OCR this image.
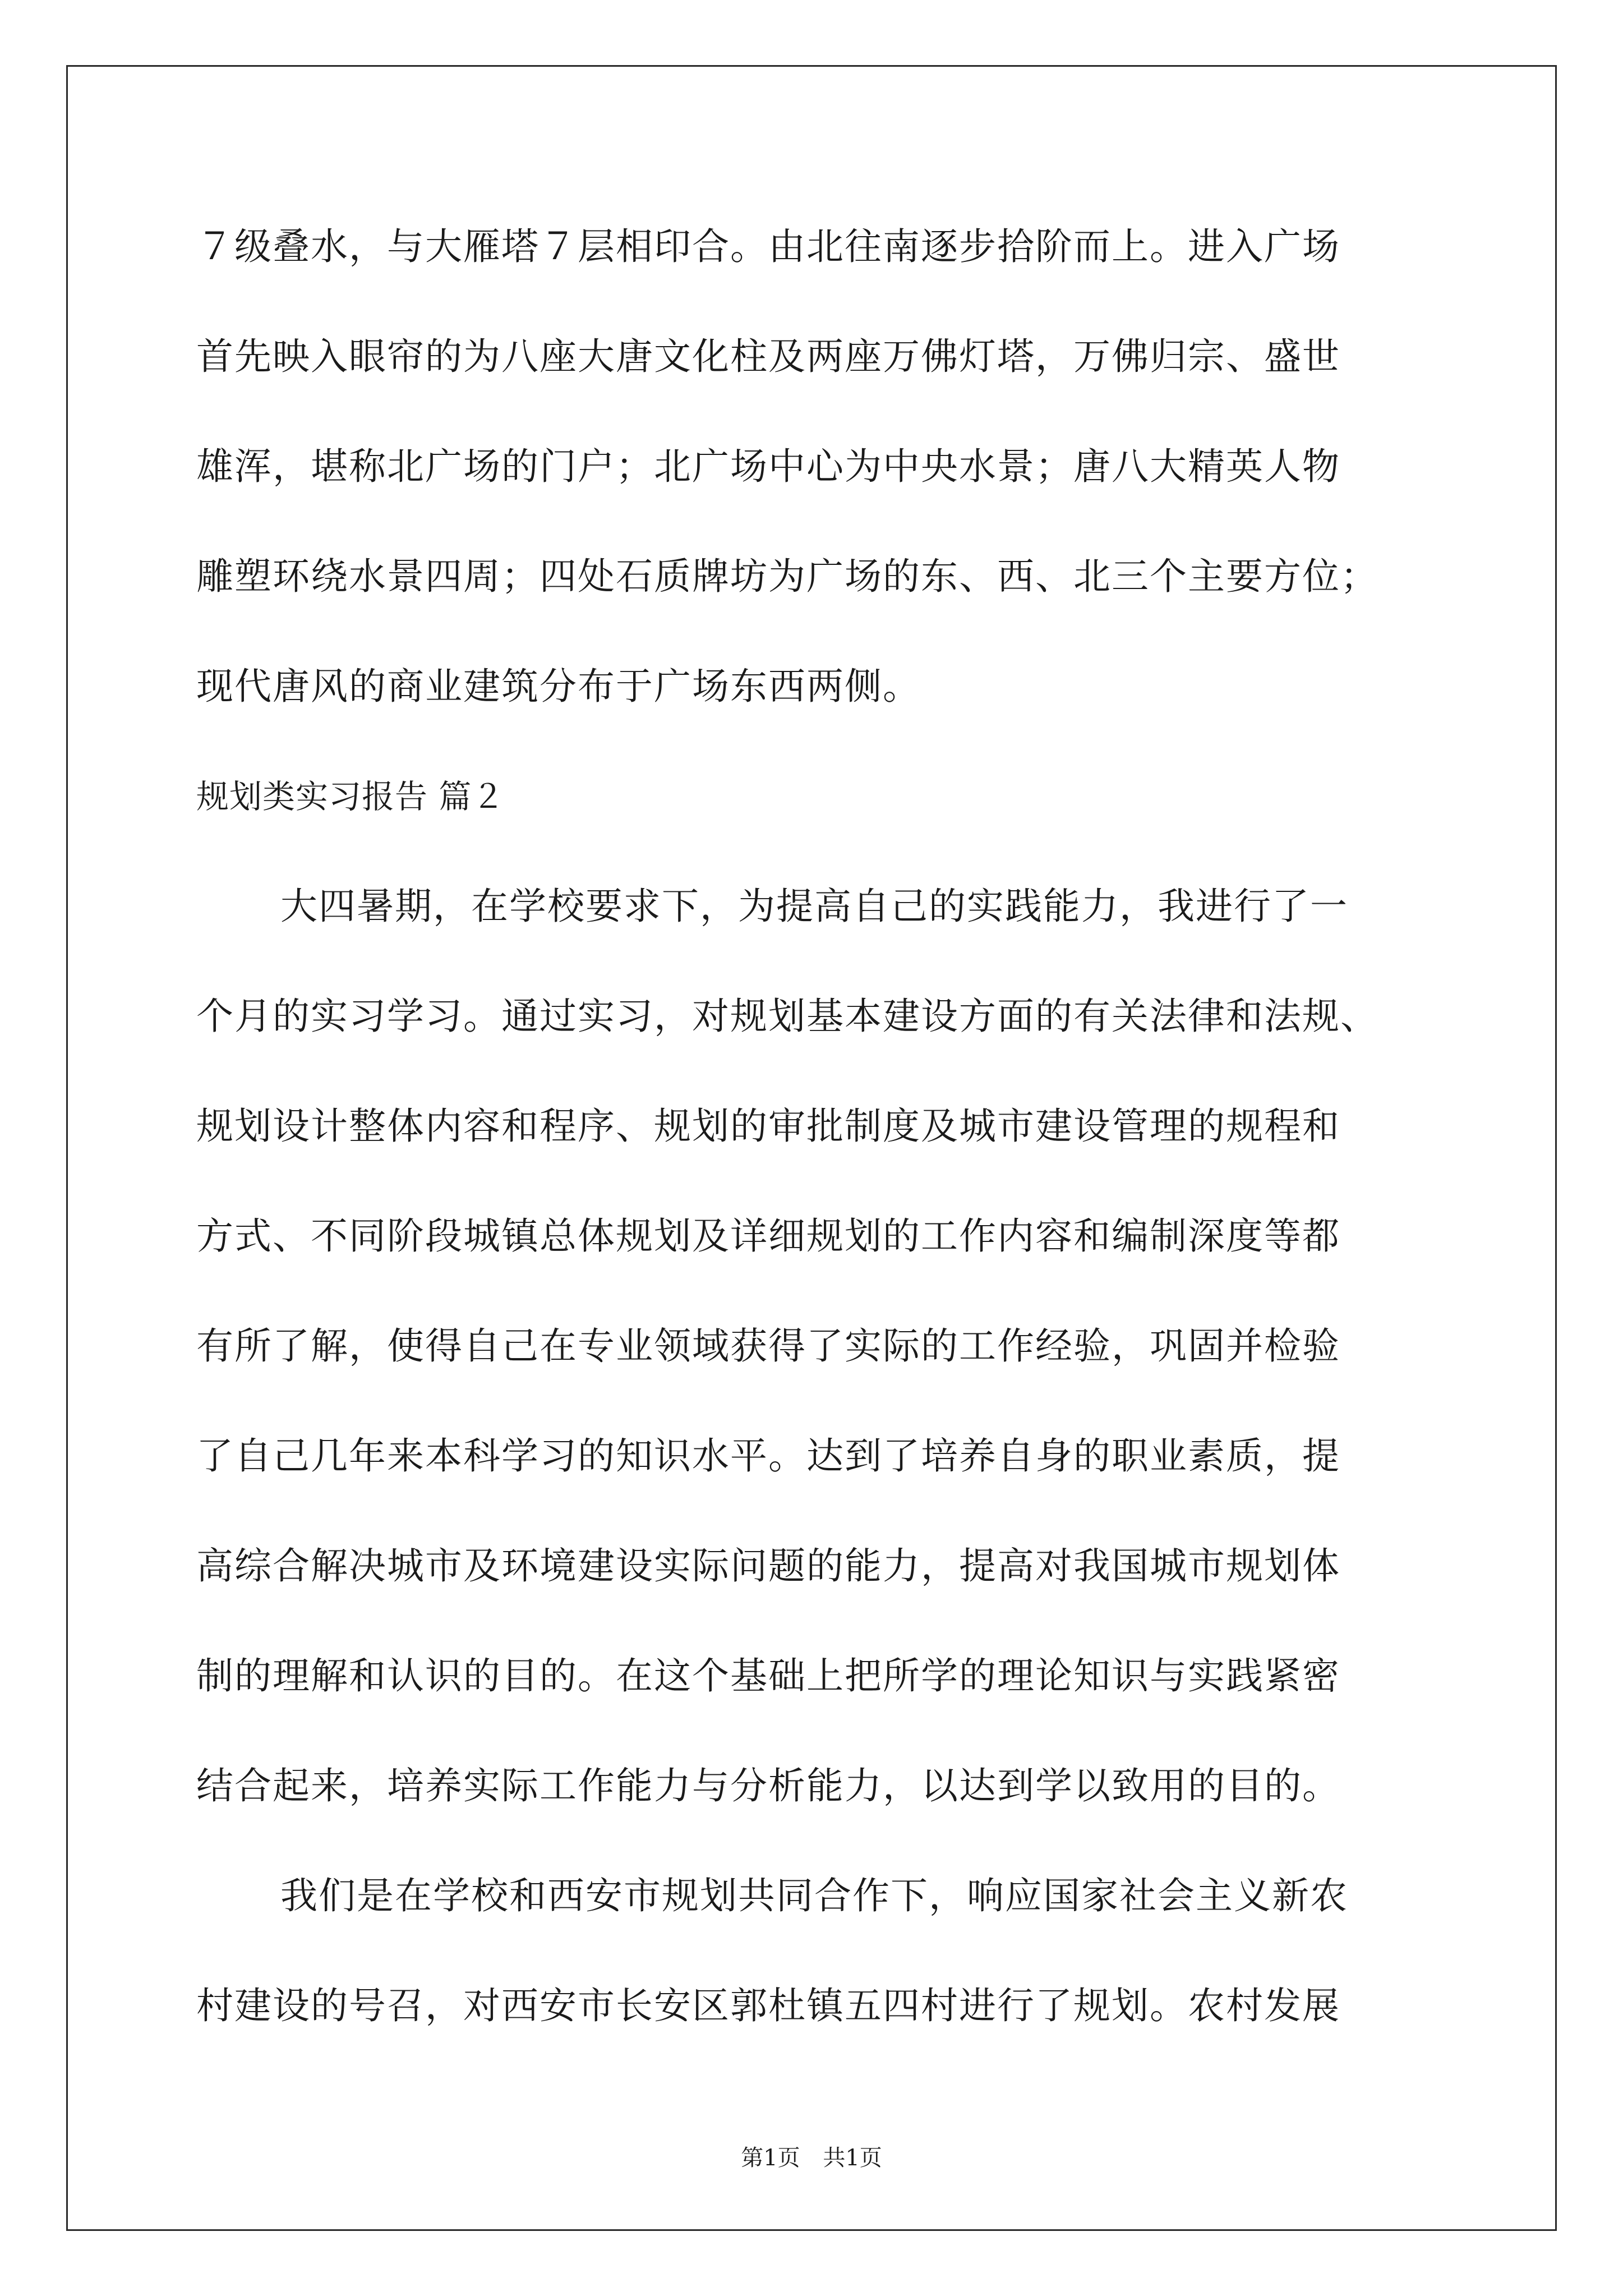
７级叠水，与大雁塔７层相印合。由北往南逐步拾阶而上。进入广场
首先映入眼帘的为八座大唐文化柱及两座万佛灯塔，万佛归宗、盛世
雄浑，堪称北广场的门户；北广场中心为中央水景；唐八大精英人物
雕塑环绕水景四周；四处石质牌坊为广场的东、西、北三个主要方位；
现代唐风的商业建筑分布于广场东西两侧。
规划类实习报告 篇２
大四暑期，在学校要求下，为提高自己的实践能力，我进行了一
个月的实习学习。通过实习，对规划基本建设方面的有关法律和法规、
规划设计整体内容和程序、规划的审批制度及城市建设管理的规程和
方式、不同阶段城镇总体规划及详细规划的工作内容和编制深度等都
有所了解，使得自己在专业领域获得了实际的工作经验，巩固并检验
了自己几年来本科学习的知识水平。达到了培养自身的职业素质，提
高综合解决城市及环境建设实际问题的能力，提高对我国城市规划体
制的理解和认识的目的。在这个基础上把所学的理论知识与实践紧密
结合起来，培养实际工作能力与分析能力，以达到学以致用的目的。
我们是在学校和西安市规划共同合作下，响应国家社会主义新农
村建设的号召，对西安市长安区郭杜镇五四村进行了规划。农村发展
第1页 共1页
